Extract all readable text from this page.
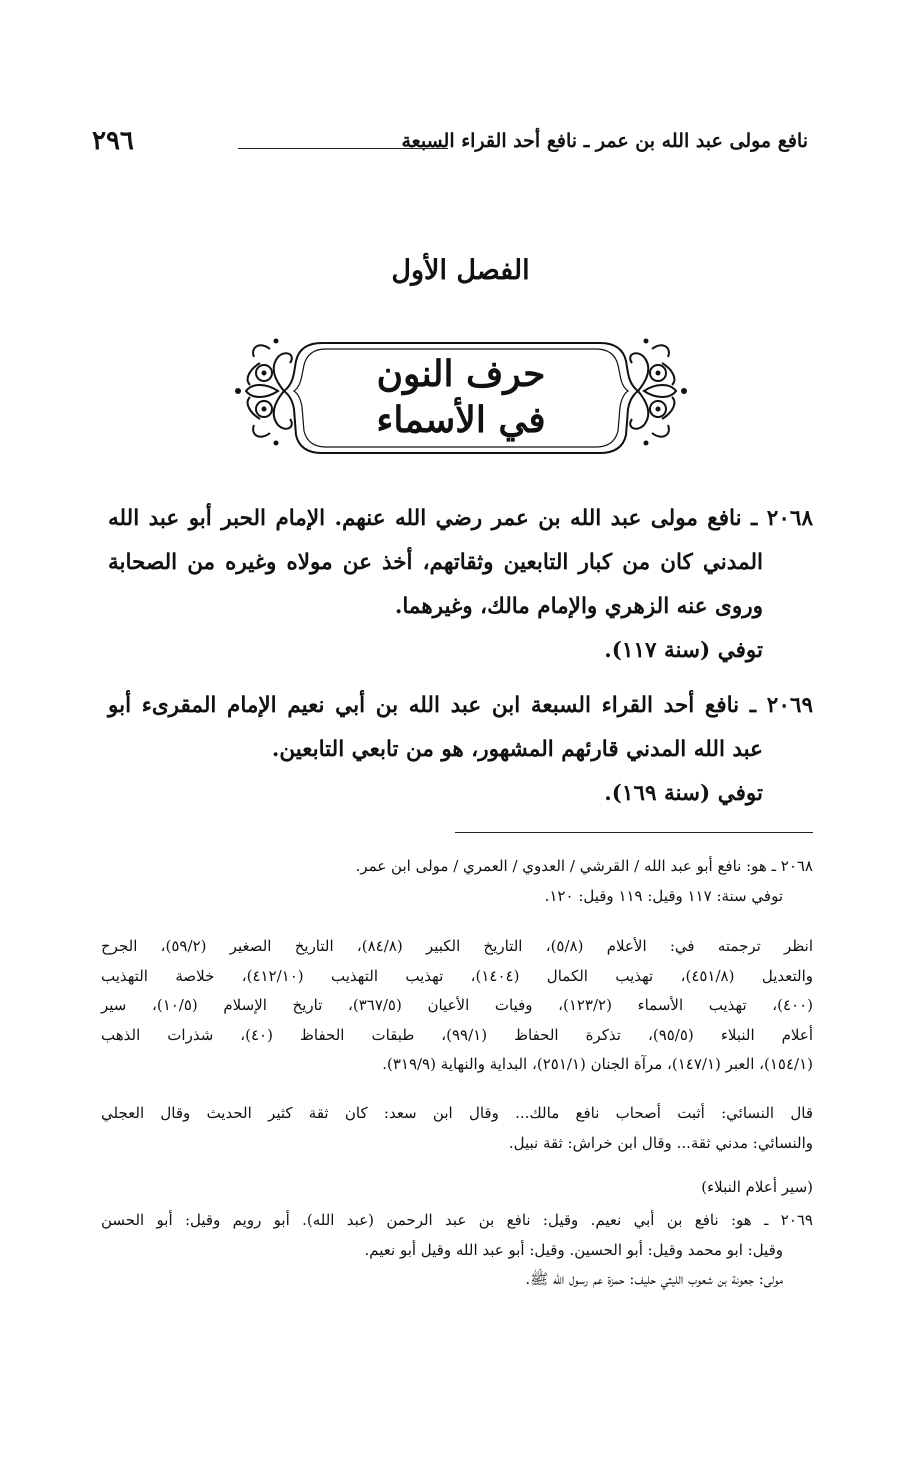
نافع مولى عبد الله بن عمر ـ نافع أحد القراء السبعة
٢٩٦
الفصل الأول
حرف النون
في الأسماء
٢٠٦٨ ـ نافع مولى عبد الله بن عمر رضي الله عنهم. الإمام الحبر أبو عبد الله
المدني كان من كبار التابعين وثقاتهم، أخذ عن مولاه وغيره من الصحابة
وروى عنه الزهري والإمام مالك، وغيرهما.
توفي (سنة ١١٧).
٢٠٦٩ ـ نافع أحد القراء السبعة ابن عبد الله بن أبي نعيم الإمام المقرىء أبو
عبد الله المدني قارئهم المشهور، هو من تابعي التابعين.
توفي (سنة ١٦٩).
٢٠٦٨ ـ هو: نافع أبو عبد الله / القرشي / العدوي / العمري / مولى ابن عمر.
توفي سنة: ١١٧ وقيل: ١١٩ وقيل: ١٢٠.
انظر ترجمته في: الأعلام (٥/٨)، التاريخ الكبير (٨٤/٨)، التاريخ الصغير (٥٩/٢)، الجرح
والتعديل (٤٥١/٨)، تهذيب الكمال (١٤٠٤)، تهذيب التهذيب (٤١٢/١٠)، خلاصة التهذيب
(٤٠٠)، تهذيب الأسماء (١٢٣/٢)، وفيات الأعيان (٣٦٧/٥)، تاريخ الإسلام (١٠/٥)، سير
أعلام النبلاء (٩٥/٥)، تذكرة الحفاظ (٩٩/١)، طبقات الحفاظ (٤٠)، شذرات الذهب
(١٥٤/١)، العبر (١٤٧/١)، مرآة الجنان (٢٥١/١)، البداية والنهاية (٣١٩/٩).
قال النسائي: أثبت أصحاب نافع مالك... وقال ابن سعد: كان ثقة كثير الحديث وقال العجلي
والنسائي: مدني ثقة... وقال ابن خراش: ثقة نبيل.
(سير أعلام النبلاء)
٢٠٦٩ ـ هو: نافع بن أبي نعيم. وقيل: نافع بن عبد الرحمن (عبد الله). أبو رويم وقيل: أبو الحسن
وقيل: ابو محمد وقيل: أبو الحسين. وقيل: أبو عبد الله وقيل أبو نعيم.
مولى: جعونة بن شعوب الليثي حليف: حمزة عم رسول الله ﷺ.
